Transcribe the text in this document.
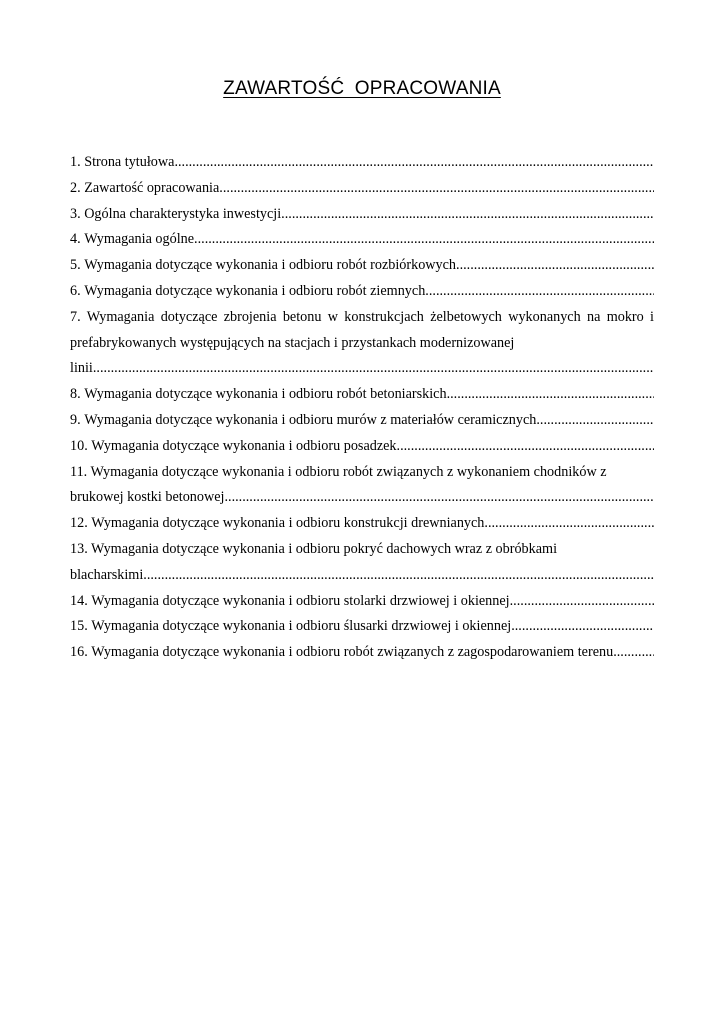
ZAWARTOŚĆ OPRACOWANIA
1.
Strona tytułowa
.....
2.
Zawartość opracowania
.....
3.
Ogólna charakterystyka inwestycji
.....
4.
Wymagania ogólne
.....
5.
Wymagania dotyczące wykonania i odbioru robót rozbiórkowych
.....
6.
Wymagania dotyczące wykonania i odbioru robót ziemnych
.....
7. Wymagania dotyczące zbrojenia betonu w konstrukcjach żelbetowych wykonanych na mokro i prefabrykowanych występujących na stacjach i przystankach modernizowanej
linii
.....
8.
Wymagania dotyczące wykonania i odbioru robót betoniarskich
.....
9.
Wymagania dotyczące wykonania i odbioru murów z materiałów ceramicznych
.....
10.
Wymagania dotyczące wykonania i odbioru posadzek
.....
11. Wymagania dotyczące wykonania i odbioru robót związanych z wykonaniem chodników z
brukowej kostki betonowej
.....
12.
Wymagania dotyczące wykonania i odbioru konstrukcji drewnianych
.....
13. Wymagania dotyczące wykonania i odbioru pokryć dachowych wraz z obróbkami
blacharskimi
.....
14.
Wymagania dotyczące wykonania i odbioru stolarki drzwiowej i okiennej
.....
15.
Wymagania dotyczące wykonania i odbioru ślusarki drzwiowej i okiennej
.....
16.
Wymagania dotyczące wykonania i odbioru robót związanych z zagospodarowaniem terenu
.....
